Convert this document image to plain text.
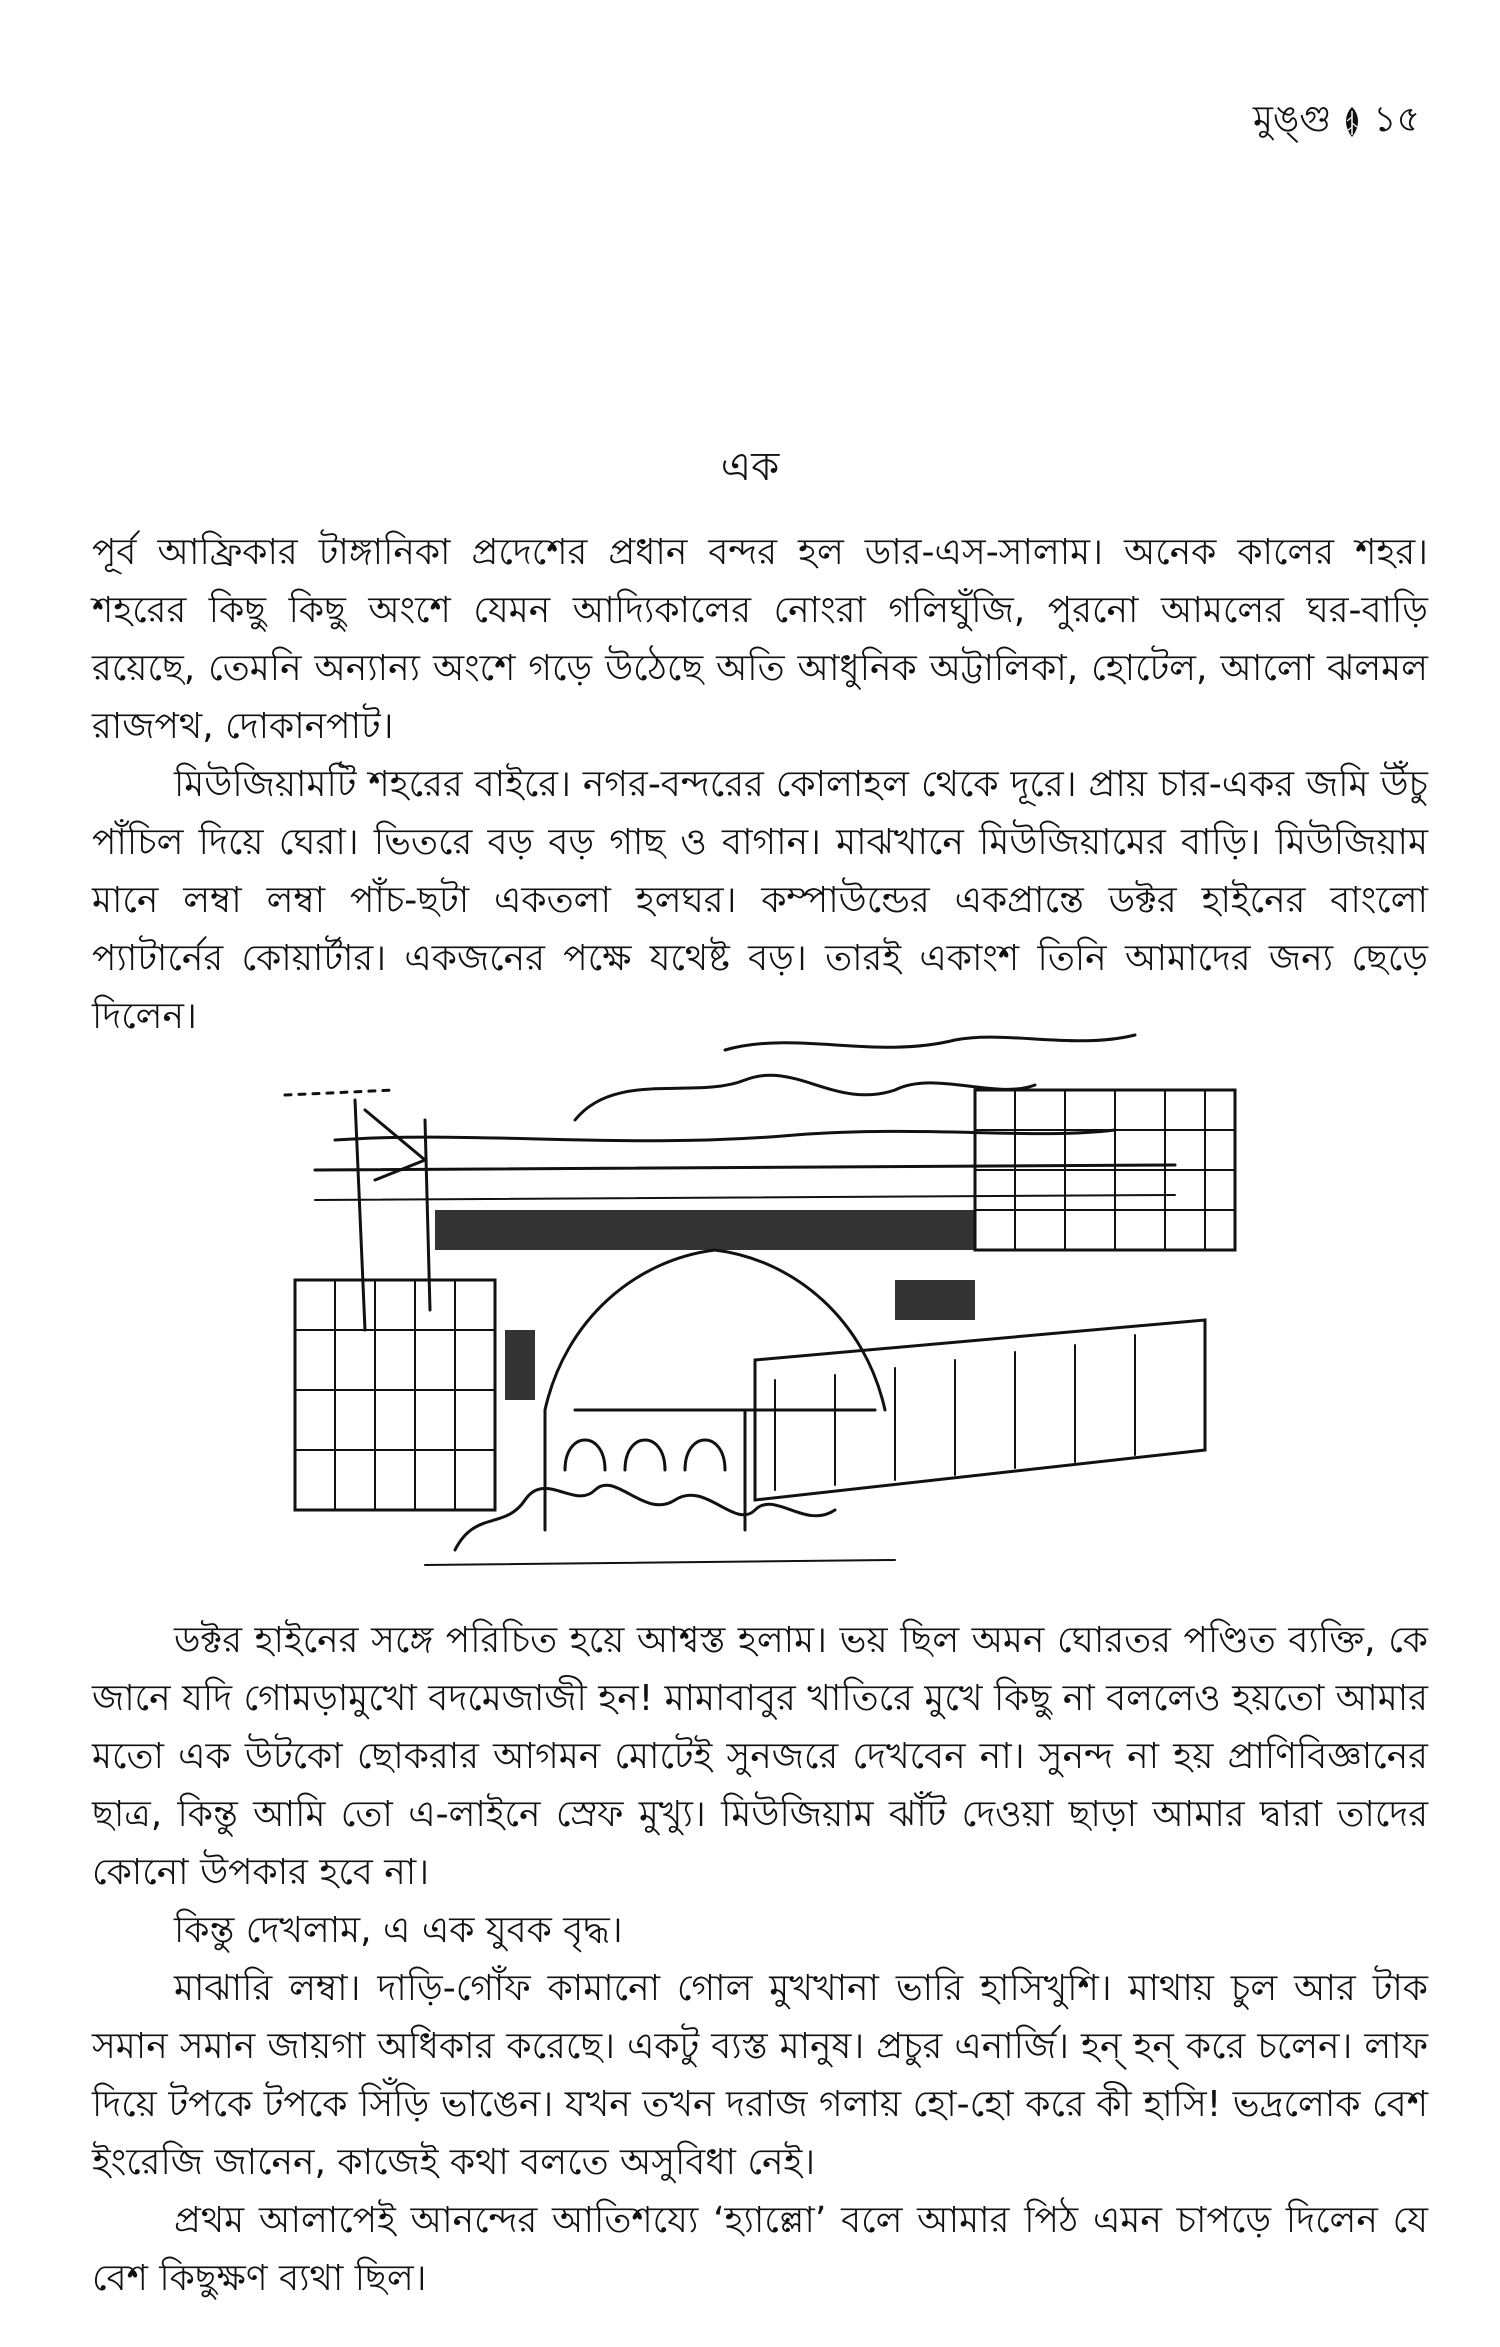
মুঙ্গু ১৫
এক

পূর্ব আফ্রিকার টাঙ্গানিকা প্রদেশের প্রধান বন্দর হল ডার-এস-সালাম। অনেক কালের শহর। শহরের কিছু কিছু অংশে যেমন আদ্যিকালের নোংরা গলিঘুঁজি, পুরনো আমলের ঘর-বাড়ি রয়েছে, তেমনি অন্যান্য অংশে গড়ে উঠেছে অতি আধুনিক অট্টালিকা, হোটেল, আলো ঝলমল রাজপথ, দোকানপাট।

মিউজিয়ামটি শহরের বাইরে। নগর-বন্দরের কোলাহল থেকে দূরে। প্রায় চার-একর জমি উঁচু পাঁচিল দিয়ে ঘেরা। ভিতরে বড় বড় গাছ ও বাগান। মাঝখানে মিউজিয়ামের বাড়ি। মিউজিয়াম মানে লম্বা লম্বা পাঁচ-ছটা একতলা হলঘর। কম্পাউন্ডের একপ্রান্তে ডক্টর হাইনের বাংলো প্যাটার্নের কোয়ার্টার। একজনের পক্ষে যথেষ্ট বড়। তারই একাংশ তিনি আমাদের জন্য ছেড়ে দিলেন।

ডক্টর হাইনের সঙ্গে পরিচিত হয়ে আশ্বস্ত হলাম। ভয় ছিল অমন ঘোরতর পণ্ডিত ব্যক্তি, কে জানে যদি গোমড়ামুখো বদমেজাজী হন! মামাবাবুর খাতিরে মুখে কিছু না বললেও হয়তো আমার মতো এক উটকো ছোকরার আগমন মোটেই সুনজরে দেখবেন না। সুনন্দ না হয় প্রাণিবিজ্ঞানের ছাত্র, কিন্তু আমি তো এ-লাইনে স্রেফ মুখ্যু। মিউজিয়াম ঝাঁট দেওয়া ছাড়া আমার দ্বারা তাদের কোনো উপকার হবে না।

কিন্তু দেখলাম, এ এক যুবক বৃদ্ধ।

মাঝারি লম্বা। দাড়ি-গোঁফ কামানো গোল মুখখানা ভারি হাসিখুশি। মাথায় চুল আর টাক সমান সমান জায়গা অধিকার করেছে। একটু ব্যস্ত মানুষ। প্রচুর এনার্জি। হন্ হন্ করে চলেন। লাফ দিয়ে টপকে টপকে সিঁড়ি ভাঙেন। যখন তখন দরাজ গলায় হো-হো করে কী হাসি! ভদ্রলোক বেশ ইংরেজি জানেন, কাজেই কথা বলতে অসুবিধা নেই।

প্রথম আলাপেই আনন্দের আতিশয্যে ‘হ্যাল্লো’ বলে আমার পিঠ এমন চাপড়ে দিলেন যে বেশ কিছুক্ষণ ব্যথা ছিল।
